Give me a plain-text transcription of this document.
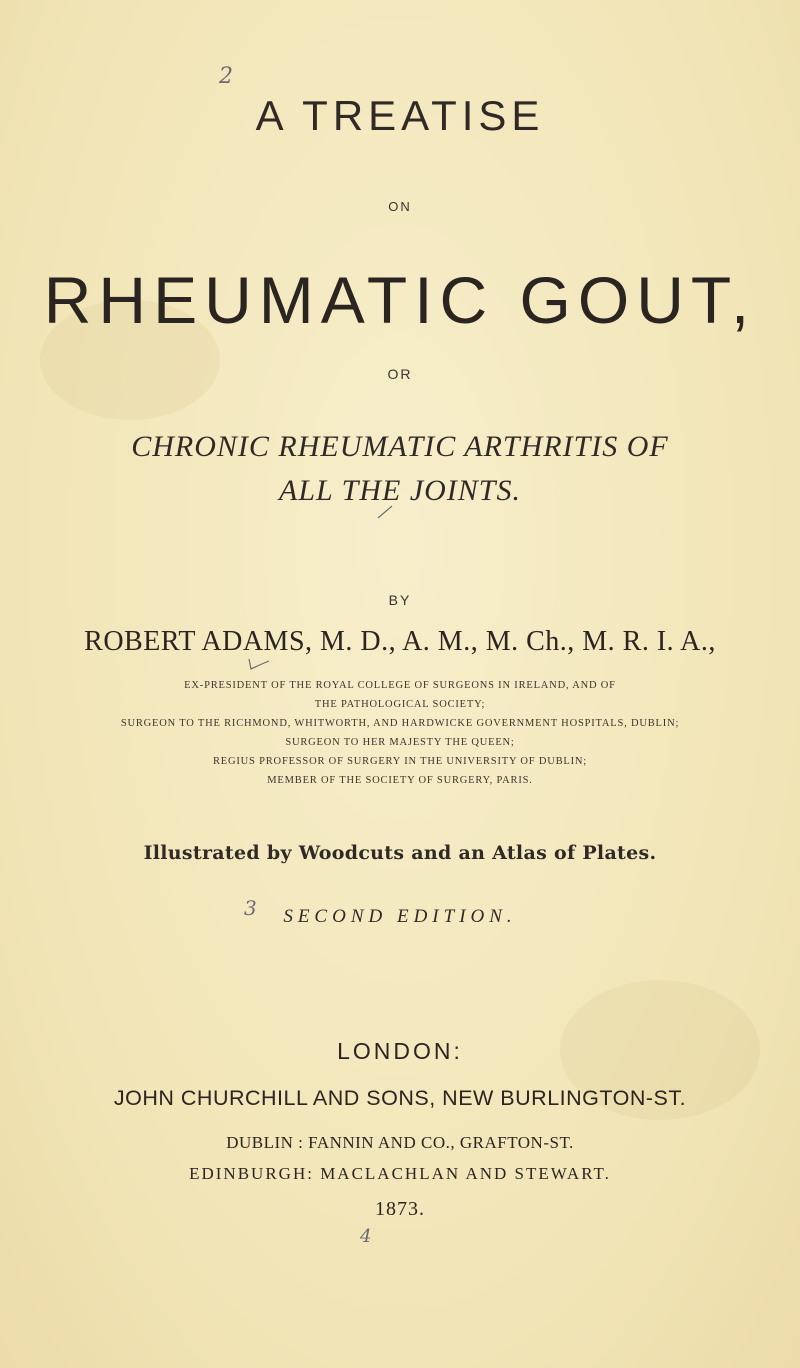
2
A TREATISE
ON
RHEUMATIC GOUT,
OR
CHRONIC RHEUMATIC ARTHRITIS OF
ALL THE JOINTS.
BY
ROBERT ADAMS, M. D., A. M., M. Ch., M. R. I. A.,
EX-PRESIDENT OF THE ROYAL COLLEGE OF SURGEONS IN IRELAND, AND OF
THE PATHOLOGICAL SOCIETY;
SURGEON TO THE RICHMOND, WHITWORTH, AND HARDWICKE GOVERNMENT HOSPITALS, DUBLIN;
SURGEON TO HER MAJESTY THE QUEEN;
REGIUS PROFESSOR OF SURGERY IN THE UNIVERSITY OF DUBLIN;
MEMBER OF THE SOCIETY OF SURGERY, PARIS.
Illustrated by Woodcuts and an Atlas of Plates.
3	SECOND EDITION.
LONDON:
JOHN CHURCHILL AND SONS, NEW BURLINGTON-ST.
DUBLIN : FANNIN AND CO., GRAFTON-ST.
EDINBURGH: MACLACHLAN AND STEWART.
1873.
4
